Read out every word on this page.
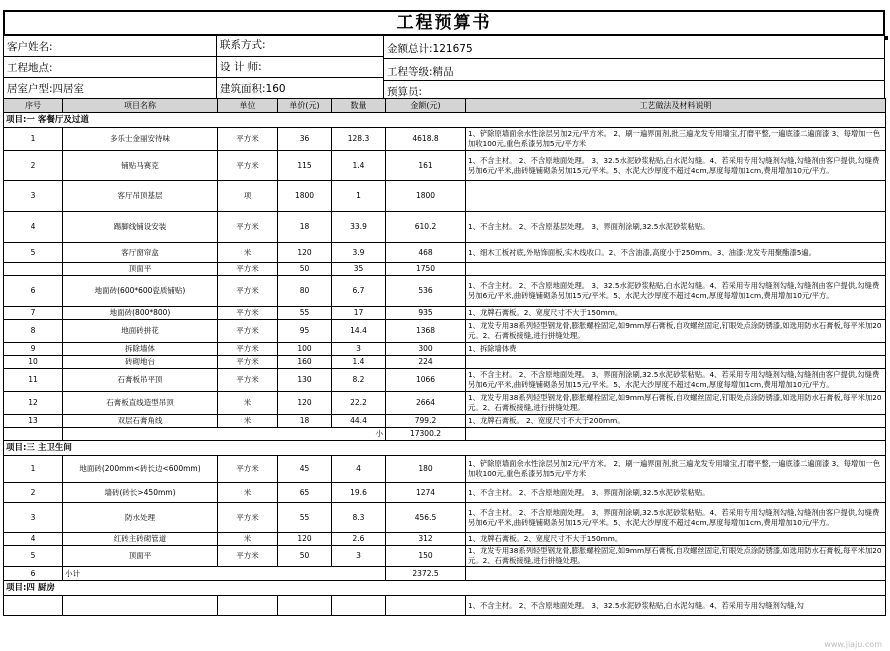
工程预算书
客户姓名:	联系方式:	金额总计:121675
工程地点:	设 计 师:	工程等级:精品
居室户型:四居室	建筑面积:160	预算员:
序号	项目名称	单位	单价(元)	数量	金额(元)	工艺做法及材料说明
项目:一 客餐厅及过道						
1	多乐士金丽安待味	平方米	36	128.3	4618.8	1、铲除原墙面余水性涂层另加2元/平方米。 2、刷一遍界面剂,批三遍龙发专用墙宝,打磨平整,一遍底漆二遍面漆 3、每增加一色加收100元,重色系漆另加5元/平方米
2	铺贴马赛克	平方米	115	1.4	161	1、不含主材。 2、不含原地面处理。 3、32.5水泥砂浆粘贴,白水泥勾缝。4、若采用专用勾缝剂勾缝,勾缝剂由客户提供,勾缝费另加6元/平米,曲砖缝铺砌条另加15元/平米。5、水泥大沙厚度不超过4cm,厚度每增加1cm,费用增加10元/平方。
3	客厅吊顶基层	项	1800	1	1800	
4	踢脚线铺设安装	平方米	18	33.9	610.2	1、不含主材。 2、不含原基层处理。 3、界面剂涂刷,32.5水泥砂浆粘贴。
5	客厅窗帘盒	米	120	3.9	468	1、细木工板衬底,外贴饰面板,实木线收口。2、不含油漆,高度小于250mm。3、油漆:龙发专用聚酯漆5遍。
	顶面平	平方米	50	35	1750	
6	地面砖(600*600瓷质铺贴)	平方米	80	6.7	536	1、不含主材。 2、不含原地面处理。 3、32.5水泥砂浆粘贴,白水泥勾缝。4、若采用专用勾缝剂勾缝,勾缝剂由客户提供,勾缝费另加6元/平米,曲砖缝铺砌条另加15元/平米。5、水泥大沙厚度不超过4cm,厚度每增加1cm,费用增加10元/平方。
7	地面砖(800*800)	平方米	55	17	935	1、龙牌石膏板。2、宽度尺寸不大于150mm。
8	地面砖拼花	平方米	95	14.4	1368	1、龙发专用38系列轻型钢龙骨,膨胀螺栓固定,如9mm厚石膏板,自攻螺丝固定,钉眼处点涂防锈漆,如选用防水石膏板,每平米加20元。2、石膏板接缝,进行拼缝处理。
9	拆除墙体	平方米	100	3	300	1、拆除墙体费
10	砖砌地台	平方米	160	1.4	224	
11	石膏板吊平顶	平方米	130	8.2	1066	1、不含主材。 2、不含原地面处理。 3、界面剂涂刷,32.5水泥砂浆粘贴。4、若采用专用勾缝剂勾缝,勾缝剂由客户提供,勾缝费另加6元/平米,曲砖缝铺砌条另加15元/平米。5、水泥大沙厚度不超过4cm,厚度每增加1cm,费用增加10元/平方。
12	石膏板直线造型吊顶	米	120	22.2	2664	1、龙发专用38系列轻型钢龙骨,膨胀螺栓固定,如9mm厚石膏板,自攻螺丝固定,钉眼处点涂防锈漆,如选用防水石膏板,每平米加20元。2、石膏板接缝,进行拼缝处理。
13	双层石膏角线	米	18	44.4	799.2	1、龙牌石膏板。 2、宽度尺寸不大于200mm。
	小				17300.2	
项目:三 主卫生间						
1	地面砖(200mm<砖长边<600mm)	平方米	45	4	180	1、铲除原墙面余水性涂层另加2元/平方米。 2、刷一遍界面剂,批三遍龙发专用墙宝,打磨平整,一遍底漆二遍面漆 3、每增加一色加收100元,重色系漆另加5元/平方米
2	墙砖(砖长>450mm)	米	65	19.6	1274	1、不含主材。 2、不含原地面处理。 3、界面剂涂刷,32.5水泥砂浆粘贴。
3	防水处理	平方米	55	8.3	456.5	1、不含主材。 2、不含原地面处理。 3、界面剂涂刷,32.5水泥砂浆粘贴。4、若采用专用勾缝剂勾缝,勾缝剂由客户提供,勾缝费另加6元/平米,曲砖缝铺砌条另加15元/平米。5、水泥大沙厚度不超过4cm,厚度每增加1cm,费用增加10元/平方。
4	红砖主砖砌管道	米	120	2.6	312	1、龙牌石膏板。2、宽度尺寸不大于150mm。
5	顶面平	平方米	50	3	150	1、龙发专用38系列轻型钢龙骨,膨胀螺栓固定,如9mm厚石膏板,自攻螺丝固定,钉眼处点涂防锈漆,如选用防水石膏板,每平米加20元。2、石膏板接缝,进行拼缝处理。
6	小计				2372.5	
项目:四 厨房						
						1、不含主材。 2、不含原地面处理。 3、32.5水泥砂浆粘贴,白水泥勾缝。4、若采用专用勾缝剂勾缝,勾
www.jiaju.com
